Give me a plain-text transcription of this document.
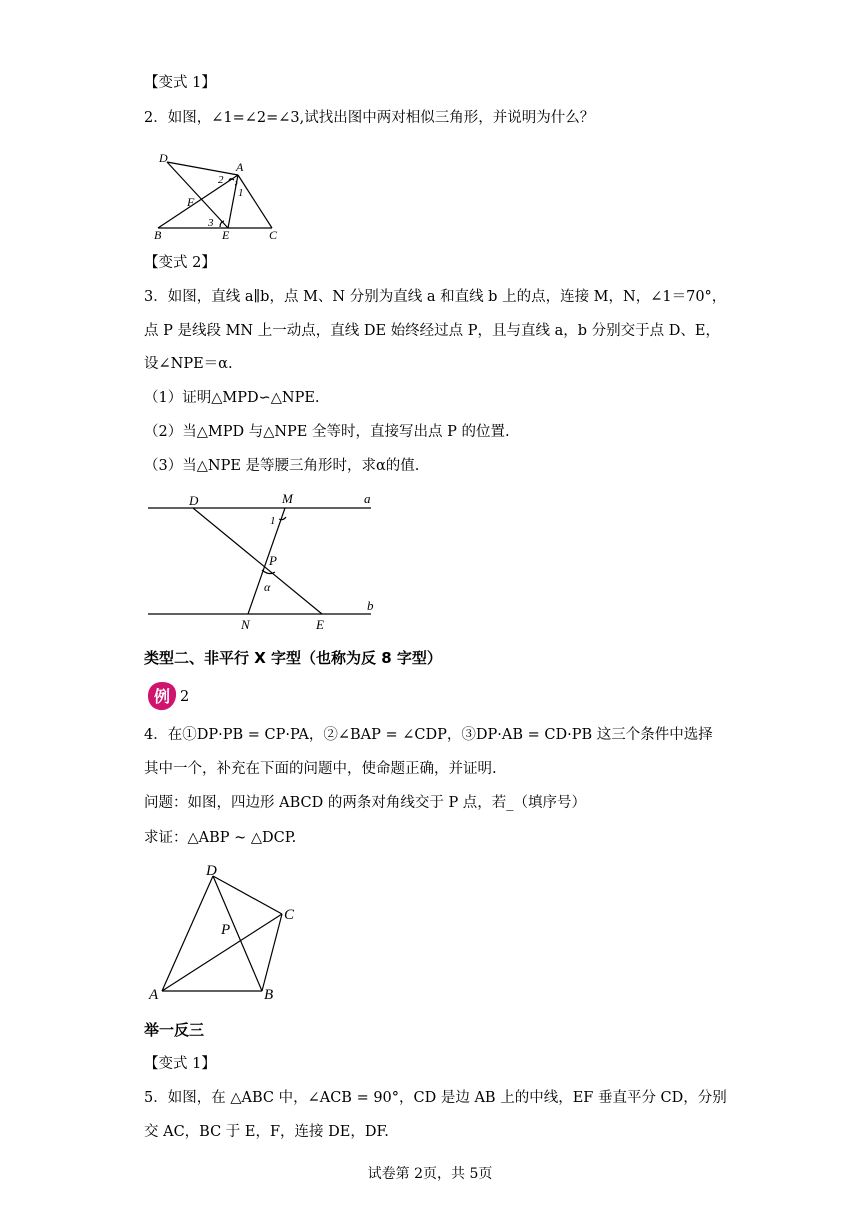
【变式 1】
2．如图，∠1=∠2=∠3,试找出图中两对相似三角形，并说明为什么？
D
A
2
1
F
3
B	E	C
【变式 2】
3．如图，直线 a∥b，点 M、N 分别为直线 a 和直线 b 上的点，连接 M，N，∠1＝70°，
点 P 是线段 MN 上一动点，直线 DE 始终经过点 P，且与直线 a，b 分别交于点 D、E，
设∠NPE＝α.
（1）证明△MPD∽△NPE.
（2）当△MPD 与△NPE 全等时，直接写出点 P 的位置.
（3）当△NPE 是等腰三角形时，求α的值.
D	M	a
1
P
α
N	E
b
类型二、非平行 X 字型（也称为反 8 字型）
例 2
4．在①DP·PB = CP·PA，②∠BAP = ∠CDP，③DP·AB = CD·PB 这三个条件中选择
其中一个，补充在下面的问题中，使命题正确，并证明.
问题：如图，四边形 ABCD 的两条对角线交于 P 点，若_（填序号）
求证：△ABP ~ △DCP.
D
C
P
A	B
举一反三
【变式 1】
5．如图，在 △ABC 中，∠ACB = 90°，CD 是边 AB 上的中线，EF 垂直平分 CD，分别
交 AC，BC 于 E，F，连接 DE，DF.
试卷第 2页，共 5页
